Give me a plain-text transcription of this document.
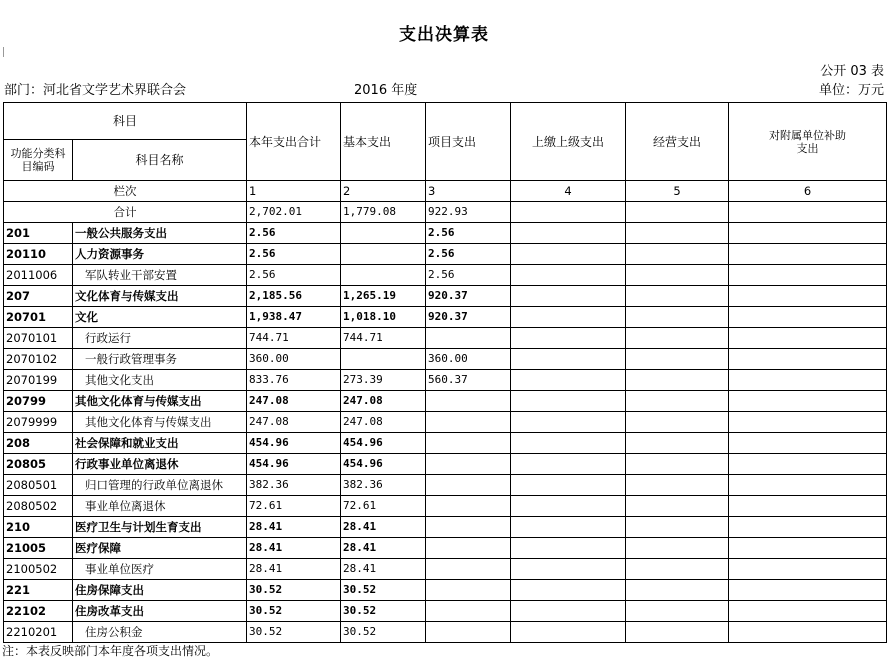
支出决算表
公开 03 表
部门：河北省文学艺术界联合会	2016 年度	单位：万元
科目		本年支出合计	基本支出	项目支出	上缴上级支出	经营支出	对附属单位补助支出
功能分类科目编码	科目名称						
栏次		1	2	3	4	5	6
合计		2,702.01	1,779.08	922.93			
201	一般公共服务支出	2.56		2.56			
20110	人力资源事务	2.56		2.56			
2011006	军队转业干部安置	2.56		2.56			
207	文化体育与传媒支出	2,185.56	1,265.19	920.37			
20701	文化	1,938.47	1,018.10	920.37			
2070101	行政运行	744.71	744.71				
2070102	一般行政管理事务	360.00		360.00			
2070199	其他文化支出	833.76	273.39	560.37			
20799	其他文化体育与传媒支出	247.08	247.08				
2079999	其他文化体育与传媒支出	247.08	247.08				
208	社会保障和就业支出	454.96	454.96				
20805	行政事业单位离退休	454.96	454.96				
2080501	归口管理的行政单位离退休	382.36	382.36				
2080502	事业单位离退休	72.61	72.61				
210	医疗卫生与计划生育支出	28.41	28.41				
21005	医疗保障	28.41	28.41				
2100502	事业单位医疗	28.41	28.41				
221	住房保障支出	30.52	30.52				
22102	住房改革支出	30.52	30.52				
2210201	住房公积金	30.52	30.52				
注：本表反映部门本年度各项支出情况。
